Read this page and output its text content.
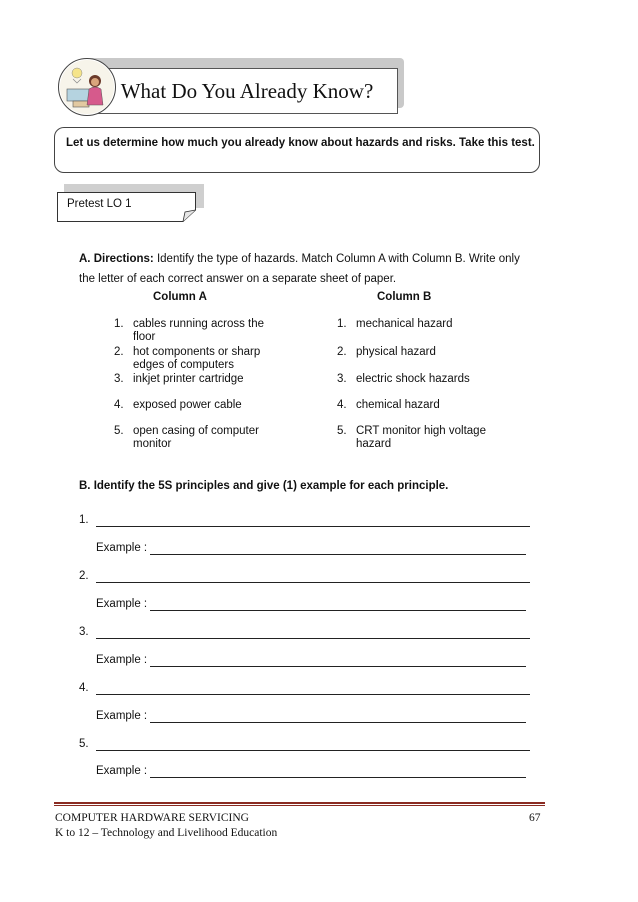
What Do You Already Know?
Let us determine how much you already know about hazards and risks. Take this test.
Pretest LO 1
A. Directions: Identify the type of hazards. Match Column A with Column B. Write only the letter of each correct answer on a separate sheet of paper.
Column A	Column B
1. cables running across the
floor
2. hot components or sharp
edges of computers
3. inkjet printer cartridge
4. exposed power cable
5. open casing of computer
monitor
1. mechanical hazard
2. physical hazard
3. electric shock hazards
4. chemical hazard
5. CRT monitor high voltage
hazard
B. Identify the 5S principles and give (1) example for each principle.
1.
Example :
2.
Example :
3.
Example :
4.
Example :
5.
Example :
COMPUTER HARDWARE SERVICING	67
K to 12 – Technology and Livelihood Education
